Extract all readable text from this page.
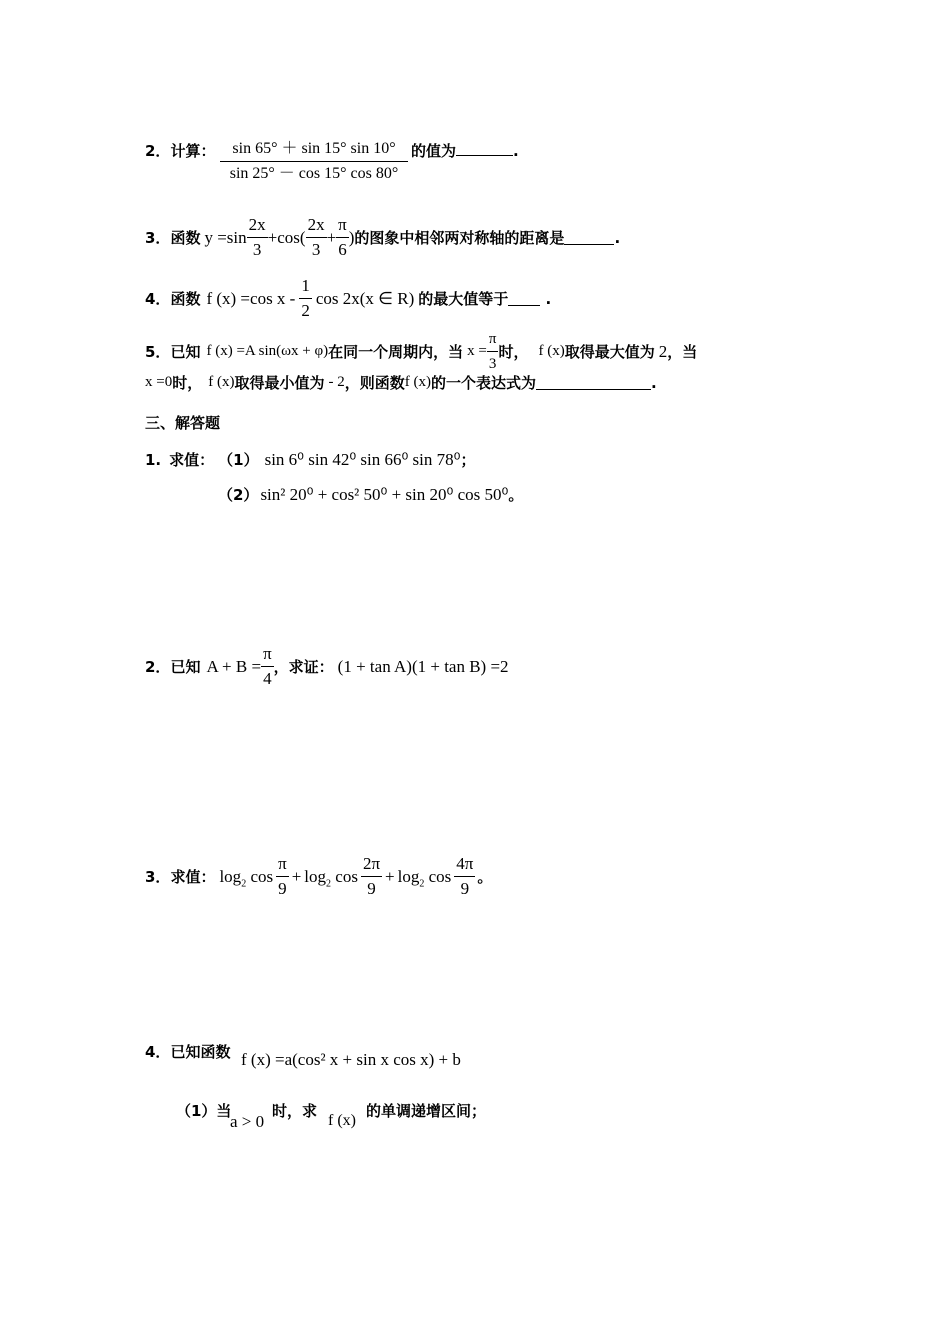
2．计算： $\frac{\sin 65^\circ + \sin 15^\circ \sin 10^\circ}{\sin 25^\circ - \cos 15^\circ \cos 80^\circ}$ 的值为	.
3． 函数 $y =\sin \frac{2x}{3} +\cos( \frac{2x}{3} + \frac{\pi}{6}$ ) 的图象中相邻两对称轴的距离是	.
4． 函数 f (x) =cos x - $\frac{1}{2}$ cos 2x(x ∈ R) 的最大值等于 .
5． 已知 f (x) =A sin(ωx + φ) 在同一个周期内，当 $x = \frac{\pi}{3}$ 时， f (x) 取得最大值为 2 ，当
x =0 时， f (x) 取得最小值为 - 2 ，则函数 f (x) 的一个表达式为	.
三、解答题
1. 求值： （1） sin 6⁰ sin 42⁰ sin 66⁰ sin 78⁰ ；
（2） sin² 20⁰ + cos² 50⁰ + sin 20⁰ cos 50⁰ 。
2． 已知 $A + B = \frac{\pi}{4}$ ，求证： (1 + tan A)(1 + tan B) =2
3． 求值： $\log_2 \cos \frac{\pi}{9} + \log_2 \cos \frac{2\pi}{9} + \log_2 \cos \frac{4\pi}{9}$ 。
4．已知函数 f (x) =a(cos² x + sin x cos x) + b
（1）当
a > 0
时，求
f (x)
的单调递增区间；
